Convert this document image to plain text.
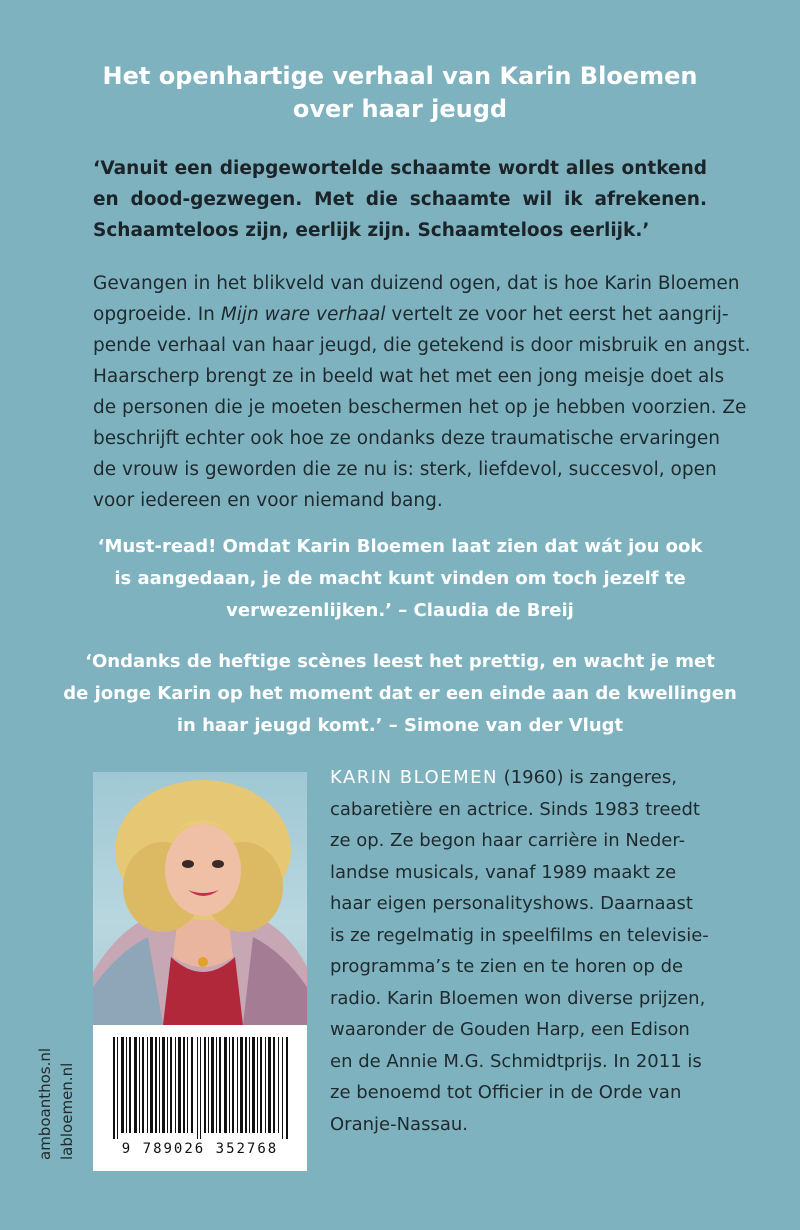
Het openhartige verhaal van Karin Bloemen
over haar jeugd
‘Vanuit een diepgewortelde schaamte wordt alles ontkend en dood-gezwegen. Met die schaamte wil ik afrekenen. Schaamteloos zijn, eerlijk zijn. Schaamteloos eerlijk.’
Gevangen in het blikveld van duizend ogen, dat is hoe Karin Bloemen
opgroeide. In Mijn ware verhaal vertelt ze voor het eerst het aangrij-
pende verhaal van haar jeugd, die getekend is door misbruik en angst.
Haarscherp brengt ze in beeld wat het met een jong meisje doet als
de personen die je moeten beschermen het op je hebben voorzien. Ze
beschrijft echter ook hoe ze ondanks deze traumatische ervaringen
de vrouw is geworden die ze nu is: sterk, liefdevol, succesvol, open
voor iedereen en voor niemand bang.
‘Must-read! Omdat Karin Bloemen laat zien dat wát jou ook
is aangedaan, je de macht kunt vinden om toch jezelf te
verwezenlijken.’ – Claudia de Breij
‘Ondanks de heftige scènes leest het prettig, en wacht je met
de jonge Karin op het moment dat er een einde aan de kwellingen
in haar jeugd komt.’ – Simone van der Vlugt
9 789026 352768
KARIN BLOEMEN (1960) is zangeres,
cabaretière en actrice. Sinds 1983 treedt
ze op. Ze begon haar carrière in Neder-
landse musicals, vanaf 1989 maakt ze
haar eigen personalityshows. Daarnaast
is ze regelmatig in speelfilms en televisie-
programma’s te zien en te horen op de
radio. Karin Bloemen won diverse prijzen,
waaronder de Gouden Harp, een Edison
en de Annie M.G. Schmidtprijs. In 2011 is
ze benoemd tot Officier in de Orde van
Oranje-Nassau.
amboanthos.nl labloemen.nl
